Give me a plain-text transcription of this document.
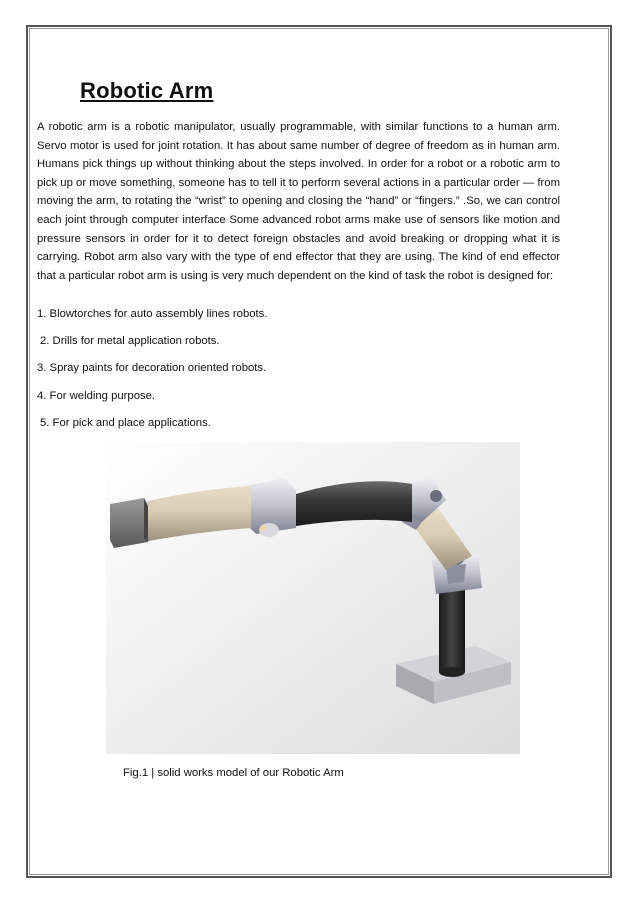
Robotic Arm

A robotic arm is a robotic manipulator, usually programmable, with similar functions to a human arm. Servo motor is used for joint rotation. It has about same number of degree of freedom as in human arm. Humans pick things up without thinking about the steps involved. In order for a robot or a robotic arm to pick up or move something, someone has to tell it to perform several actions in a particular order — from moving the arm, to rotating the “wrist” to opening and closing the “hand” or “fingers.” .So, we can control each joint through computer interface Some advanced robot arms make use of sensors like motion and pressure sensors in order for it to detect foreign obstacles and avoid breaking or dropping what it is carrying. Robot arm also vary with the type of end effector that they are using. The kind of end effector that a particular robot arm is using is very much dependent on the kind of task the robot is designed for:

1. Blowtorches for auto assembly lines robots.
2. Drills for metal application robots.
3. Spray paints for decoration oriented robots.
4. For welding purpose.
5. For pick and place applications.

Fig.1 | solid works model of our Robotic Arm
